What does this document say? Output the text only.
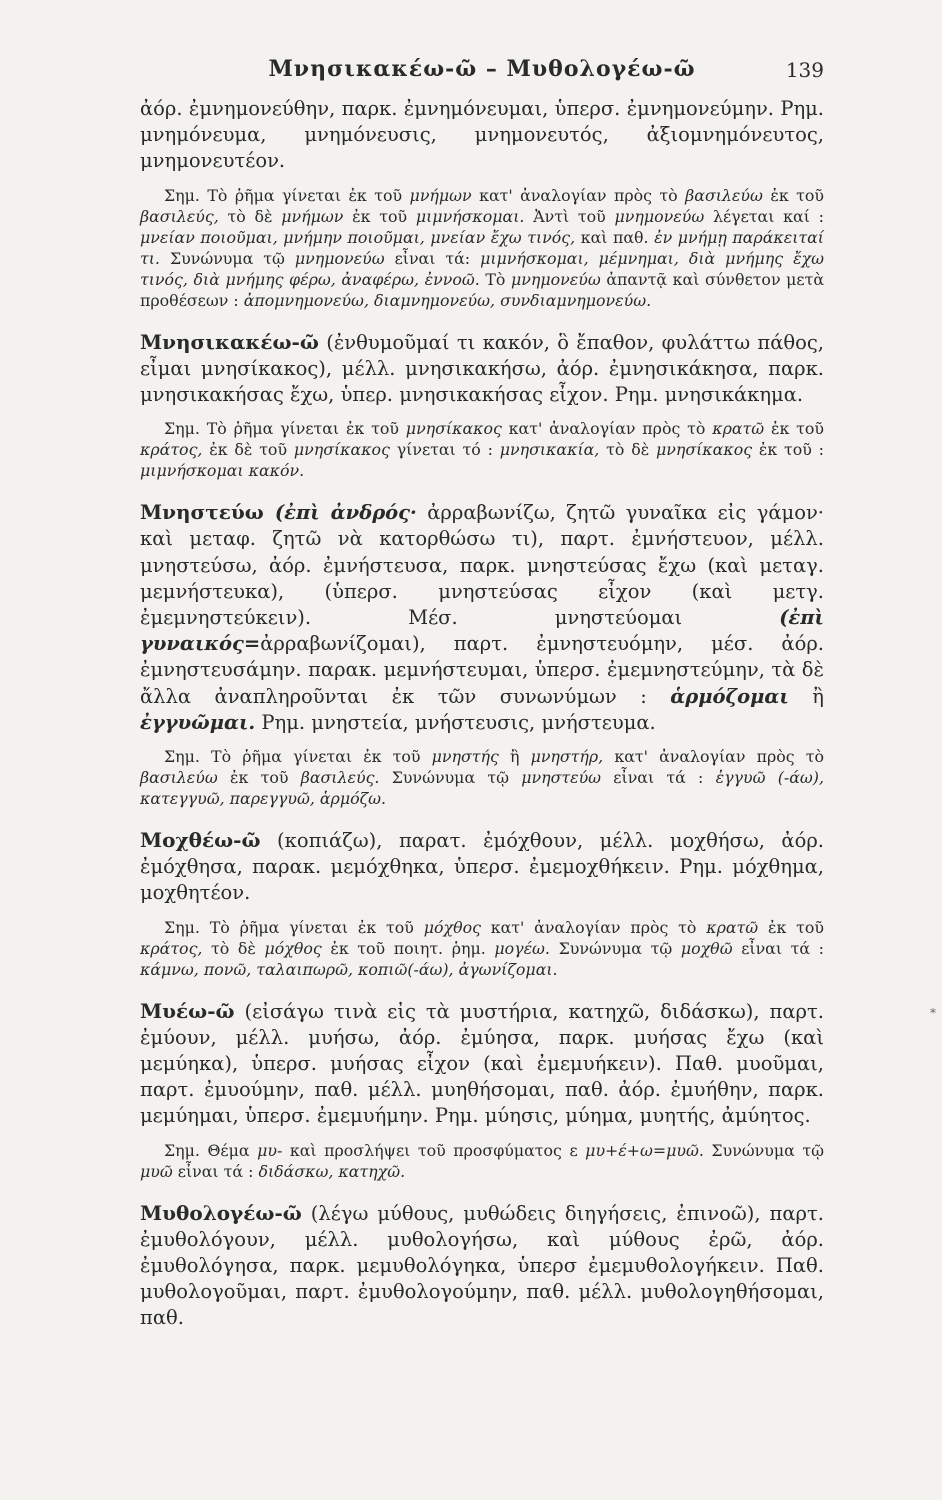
Μνησικακέω-ῶ – Μυθολογέω-ῶ	139

ἀόρ. ἐμνημονεύθην, παρκ. ἐμνημόνευμαι, ὑπερσ. ἐμνημονεύμην. Ρημ. μνημόνευμα, μνημόνευσις, μνημονευτός, ἀξιομνημόνευτος, μνημονευτέον.

Σημ. Τὸ ῥῆμα γίνεται ἐκ τοῦ μνήμων κατ' ἀναλογίαν πρὸς τὸ βασιλεύω ἐκ τοῦ βασιλεύς, τὸ δὲ μνήμων ἐκ τοῦ μιμνήσκομαι. Ἀντὶ τοῦ μνημονεύω λέγεται καί : μνείαν ποιοῦμαι, μνήμην ποιοῦμαι, μνείαν ἔχω τινός, καὶ παθ. ἐν μνήμῃ παράκειταί τι. Συνώνυμα τῷ μνημονεύω εἶναι τά: μιμνήσκομαι, μέμνημαι, διὰ μνήμης ἔχω τινός, διὰ μνήμης φέρω, ἀναφέρω, ἐννοῶ. Τὸ μνημονεύω ἀπαντᾷ καὶ σύνθετον μετὰ προθέσεων : ἀπομνημονεύω, διαμνημονεύω, συνδιαμνημονεύω.

Μνησικακέω-ῶ (ἐνθυμοῦμαί τι κακόν, ὃ ἔπαθον, φυλάττω πάθος, εἶμαι μνησίκακος), μέλλ. μνησικακήσω, ἀόρ. ἐμνησικάκησα, παρκ. μνησικακήσας ἔχω, ὑπερ. μνησικακήσας εἶχον. Ρημ. μνησικάκημα.

Σημ. Τὸ ῥῆμα γίνεται ἐκ τοῦ μνησίκακος κατ' ἀναλογίαν πρὸς τὸ κρατῶ ἐκ τοῦ κράτος, ἐκ δὲ τοῦ μνησίκακος γίνεται τό : μνησικακία, τὸ δὲ μνησίκακος ἐκ τοῦ : μιμνήσκομαι κακόν.

Μνηστεύω (ἐπὶ ἀνδρός· ἀρραβωνίζω, ζητῶ γυναῖκα εἰς γάμον· καὶ μεταφ. ζητῶ νὰ κατορθώσω τι), παρτ. ἐμνήστευον, μέλλ. μνηστεύσω, ἀόρ. ἐμνήστευσα, παρκ. μνηστεύσας ἔχω (καὶ μεταγ. μεμνήστευκα), (ὑπερσ. μνηστεύσας εἶχον (καὶ μετγ. ἐμεμνηστεύκειν). Μέσ. μνηστεύομαι (ἐπὶ γυναικός=ἀρραβωνίζομαι), παρτ. ἐμνηστευόμην, μέσ. ἀόρ. ἐμνηστευσάμην. παρακ. μεμνήστευμαι, ὑπερσ. ἐμεμνηστεύμην, τὰ δὲ ἄλλα ἀναπληροῦνται ἐκ τῶν συνωνύμων : ἁρμόζομαι ἢ ἐγγυῶμαι. Ρημ. μνηστεία, μνήστευσις, μνήστευμα.

Σημ. Τὸ ῥῆμα γίνεται ἐκ τοῦ μνηστής ἢ μνηστήρ, κατ' ἀναλογίαν πρὸς τὸ βασιλεύω ἐκ τοῦ βασιλεύς. Συνώνυμα τῷ μνηστεύω εἶναι τά : ἐγγυῶ (-άω), κατεγγυῶ, παρεγγυῶ, ἁρμόζω.

Μοχθέω-ῶ (κοπιάζω), παρατ. ἐμόχθουν, μέλλ. μοχθήσω, ἀόρ. ἐμόχθησα, παρακ. μεμόχθηκα, ὑπερσ. ἐμεμοχθήκειν. Ρημ. μόχθημα, μοχθητέον.

Σημ. Τὸ ῥῆμα γίνεται ἐκ τοῦ μόχθος κατ' ἀναλογίαν πρὸς τὸ κρατῶ ἐκ τοῦ κράτος, τὸ δὲ μόχθος ἐκ τοῦ ποιητ. ῥημ. μογέω. Συνώνυμα τῷ μοχθῶ εἶναι τά : κάμνω, πονῶ, ταλαιπωρῶ, κοπιῶ(-άω), ἀγωνίζομαι.

Μυέω-ῶ (εἰσάγω τινὰ εἰς τὰ μυστήρια, κατηχῶ, διδάσκω), παρτ. ἐμύουν, μέλλ. μυήσω, ἀόρ. ἐμύησα, παρκ. μυήσας ἔχω (καὶ μεμύηκα), ὑπερσ. μυήσας εἶχον (καὶ ἐμεμυήκειν). Παθ. μυοῦμαι, παρτ. ἐμυούμην, παθ. μέλλ. μυηθήσομαι, παθ. ἀόρ. ἐμυήθην, παρκ. μεμύημαι, ὑπερσ. ἐμεμυήμην. Ρημ. μύησις, μύημα, μυητής, ἀμύητος.

Σημ. Θέμα μυ- καὶ προσλήψει τοῦ προσφύματος ε μυ+έ+ω=μυῶ. Συνώνυμα τῷ μυῶ εἶναι τά : διδάσκω, κατηχῶ.

Μυθολογέω-ῶ (λέγω μύθους, μυθώδεις διηγήσεις, ἐπινοῶ), παρτ. ἐμυθολόγουν, μέλλ. μυθολογήσω, καὶ μύθους ἐρῶ, ἀόρ. ἐμυθολόγησα, παρκ. μεμυθολόγηκα, ὑπερσ ἐμεμυθολογήκειν. Παθ. μυθολογοῦμαι, παρτ. ἐμυθολογούμην, παθ. μέλλ. μυθολογηθήσομαι, παθ.

*
